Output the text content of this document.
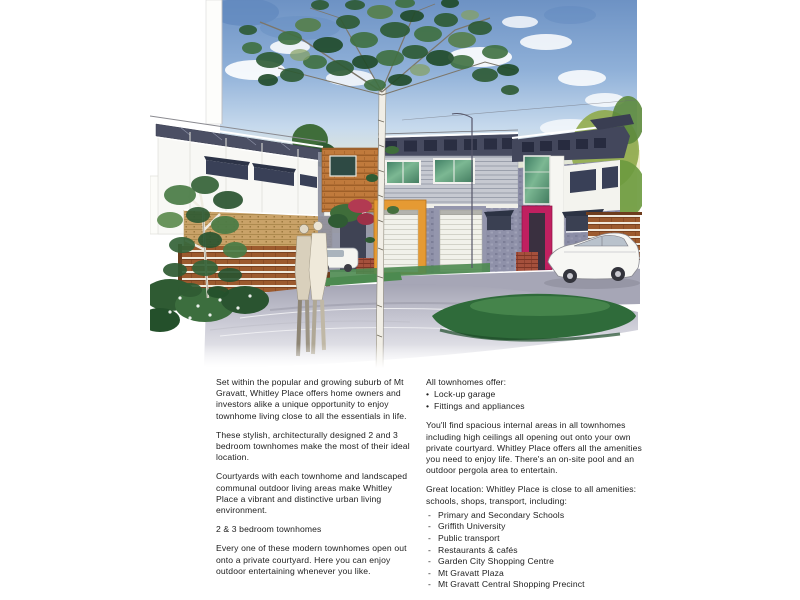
Set within the popular and growing suburb of Mt Gravatt, Whitley Place offers home owners and investors alike a unique opportunity to enjoy townhome living close to all the essentials in life.

These stylish, architecturally designed 2 and 3 bedroom townhomes make the most of their ideal location.

Courtyards with each townhome and landscaped communal outdoor living areas make Whitley Place a vibrant and distinctive urban living environment.

2 & 3 bedroom townhomes

Every one of these modern townhomes open out onto a private courtyard. Here you can enjoy outdoor entertaining whenever you like.

All townhomes offer:

• Lock-up garage
• Fittings and appliances

You'll find spacious internal areas in all townhomes including high ceilings all opening out onto your own private courtyard. Whitley Place offers all the amenities you need to enjoy life. There's an on-site pool and an outdoor pergola area to entertain.

Great location: Whitley Place is close to all amenities: schools, shops, transport, including:

- Primary and Secondary Schools
- Griffith University
- Public transport
- Restaurants & cafés
- Garden City Shopping Centre
- Mt Gravatt Plaza
- Mt Gravatt Central Shopping Precinct
